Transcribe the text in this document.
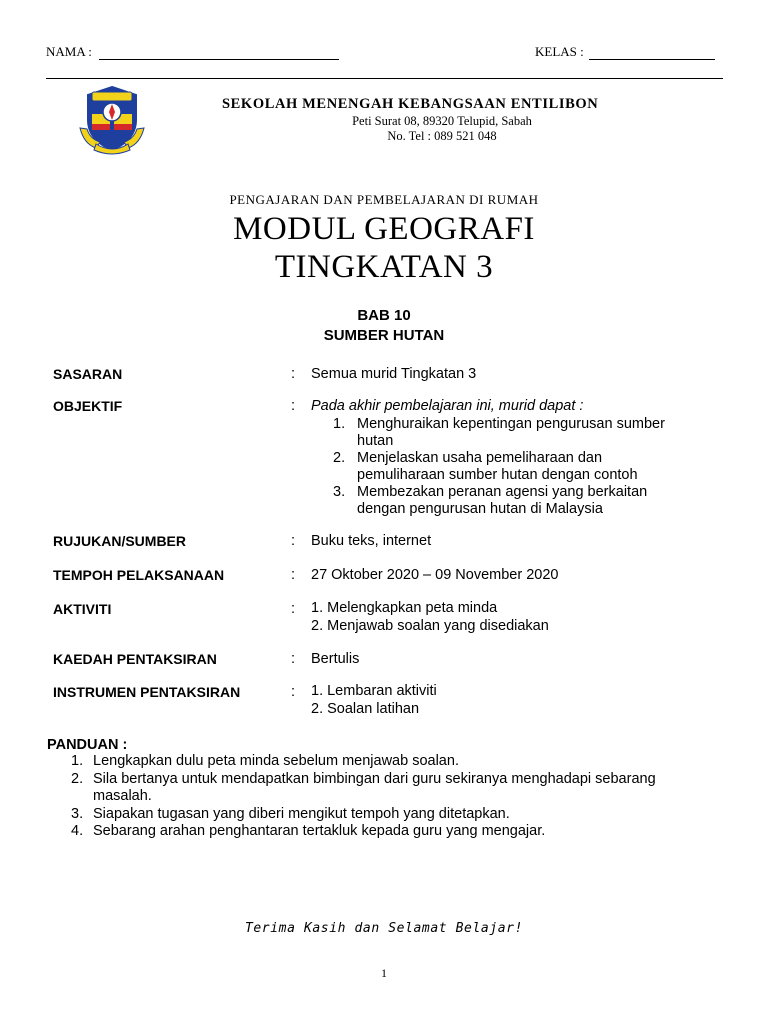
NAMA :	KELAS :
SEKOLAH MENENGAH KEBANGSAAN ENTILIBON
Peti Surat 08, 89320 Telupid, Sabah
No. Tel : 089 521 048
PENGAJARAN DAN PEMBELAJARAN DI RUMAH
MODUL GEOGRAFI
TINGKATAN 3
BAB 10
SUMBER HUTAN
SASARAN	: Semua murid Tingkatan 3
OBJEKTIF	: Pada akhir pembelajaran ini, murid dapat :
1. Menghuraikan kepentingan pengurusan sumber
hutan
2. Menjelaskan usaha pemeliharaan dan
pemuliharaan sumber hutan dengan contoh
3. Membezakan peranan agensi yang berkaitan
dengan pengurusan hutan di Malaysia
RUJUKAN/SUMBER	: Buku teks, internet
TEMPOH PELAKSANAAN	: 27 Oktober 2020 – 09 November 2020
AKTIVITI	: 1. Melengkapkan peta minda
2. Menjawab soalan yang disediakan
KAEDAH PENTAKSIRAN	: Bertulis
INSTRUMEN PENTAKSIRAN	: 1. Lembaran aktiviti
2. Soalan latihan
PANDUAN :
1. Lengkapkan dulu peta minda sebelum menjawab soalan.
2. Sila bertanya untuk mendapatkan bimbingan dari guru sekiranya menghadapi sebarang
masalah.
3. Siapakan tugasan yang diberi mengikut tempoh yang ditetapkan.
4. Sebarang arahan penghantaran tertakluk kepada guru yang mengajar.
Terima Kasih dan Selamat Belajar!
1
